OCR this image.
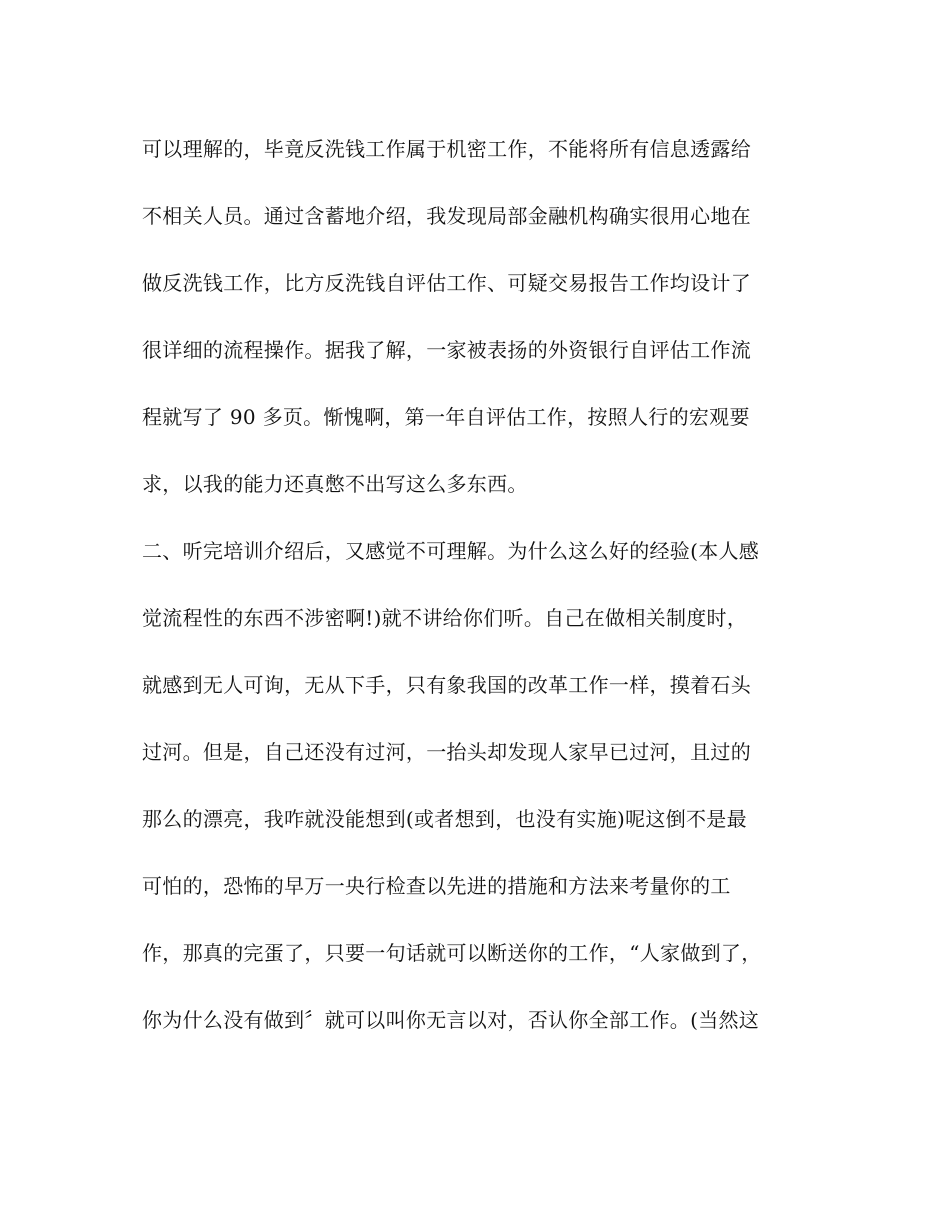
可以理解的，毕竟反洗钱工作属于机密工作，不能将所有信息透露给
不相关人员。通过含蓄地介绍，我发现局部金融机构确实很用心地在
做反洗钱工作，比方反洗钱自评估工作、可疑交易报告工作均设计了
很详细的流程操作。据我了解，一家被表扬的外资银行自评估工作流
程就写了 90 多页。惭愧啊，第一年自评估工作，按照人行的宏观要
求，以我的能力还真憋不出写这么多东西。
二、听完培训介绍后，又感觉不可理解。为什么这么好的经验(本人感
觉流程性的东西不涉密啊!)就不讲给你们听。自己在做相关制度时，
就感到无人可询，无从下手，只有象我国的改革工作一样，摸着石头
过河。但是，自己还没有过河，一抬头却发现人家早已过河，且过的
那么的漂亮，我咋就没能想到(或者想到，也没有实施)呢这倒不是最
可怕的，恐怖的早万一央行检查以先进的措施和方法来考量你的工
作，那真的完蛋了，只要一句话就可以断送你的工作，“人家做到了，
你为什么没有做到〞就可以叫你无言以对，否认你全部工作。(当然这
